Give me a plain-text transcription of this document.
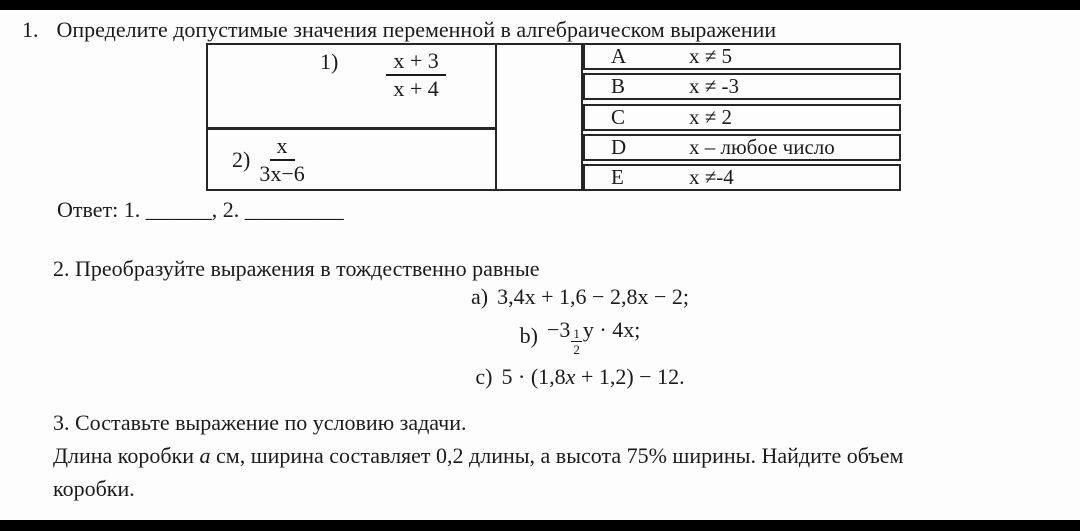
1. Определите допустимые значения переменной в алгебраическом выражении
$1) \frac{x + 3}{x + 4}$
$2) \frac{x}{3x-6}$
A	x ≠ 5
B	x ≠ -3
C	x ≠ 2
D	x – любое число
E	x ≠-4
Ответ: 1. ______, 2. _________
2. Преобразуйте выражения в тождественно равные
a) 3,4x + 1,6 − 2,8x − 2;
$b) -3 \frac{1}{2}$ y · 4x;
c) 5 · (1,8x + 1,2) − 12.
3. Составьте выражение по условию задачи.
Длина коробки a см, ширина составляет 0,2 длины, а высота 75% ширины. Найдите объем
коробки.
